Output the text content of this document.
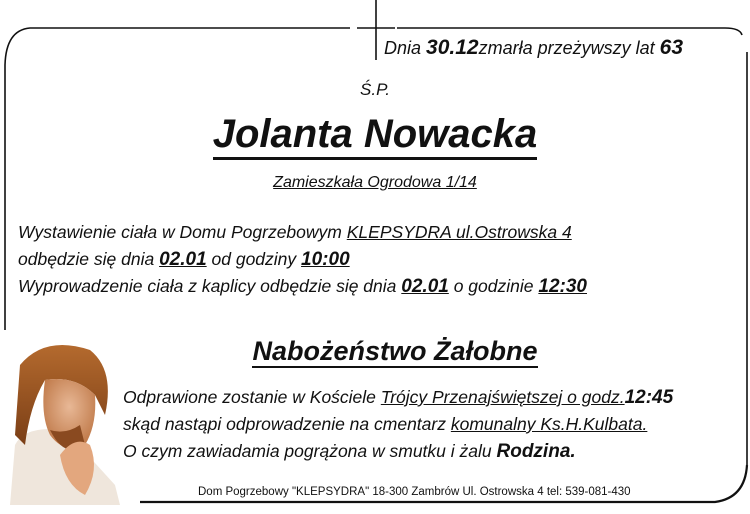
Dnia 30.12zmarła przeżywszy lat 63
Ś.P.
Jolanta Nowacka
Zamieszkała Ogrodowa 1/14
Wystawienie ciała w Domu Pogrzebowym KLEPSYDRA ul.Ostrowska 4
odbędzie się dnia 02.01 od godziny 10:00
Wyprowadzenie ciała z kaplicy odbędzie się dnia 02.01 o godzinie 12:30
Nabożeństwo Żałobne
Odprawione zostanie w Kościele Trójcy Przenajświętszej o godz.12:45
skąd nastąpi odprowadzenie na cmentarz komunalny Ks.H.Kulbata.
O czym zawiadamia pogrążona w smutku i żalu Rodzina.
Dom Pogrzebowy "KLEPSYDRA" 18-300 Zambrów Ul. Ostrowska 4 tel: 539-081-430
